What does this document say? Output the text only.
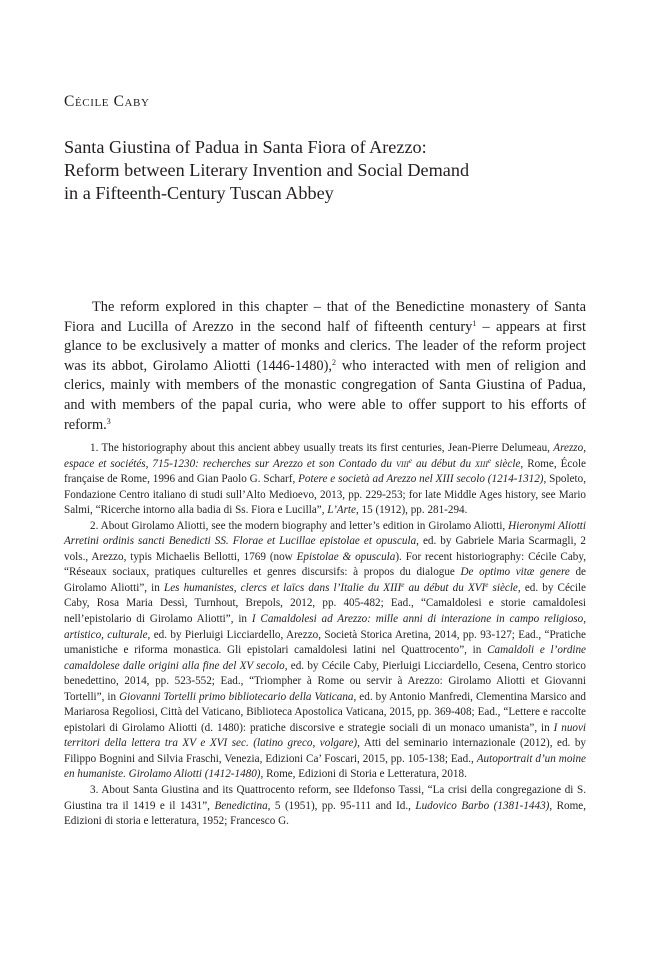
Cécile Caby
Santa Giustina of Padua in Santa Fiora of Arezzo:
Reform between Literary Invention and Social Demand
in a Fifteenth-Century Tuscan Abbey

The reform explored in this chapter – that of the Benedictine monastery of Santa Fiora and Lucilla of Arezzo in the second half of fifteenth century$^1$ – appears at first glance to be exclusively a matter of monks and clerics. The leader of the reform project was its abbot, Girolamo Aliotti (1446-1480),$^2$ who interacted with men of religion and clerics, mainly with members of the monastic congregation of Santa Giustina of Padua, and with members of the papal curia, who were able to offer support to his efforts of reform.$^3$

1. The historiography about this ancient abbey usually treats its first centuries, Jean-Pierre Delumeau, Arezzo, espace et sociétés, 715-1230: recherches sur Arezzo et son Contado du viii$^e$ au début du xiii$^e$ siècle, Rome, École française de Rome, 1996 and Gian Paolo G. Scharf, Potere e società ad Arezzo nel XIII secolo (1214-1312), Spoleto, Fondazione Centro italiano di studi sull’Alto Medioevo, 2013, pp. 229-253; for late Middle Ages history, see Mario Salmi, “Ricerche intorno alla badia di Ss. Fiora e Lucilla”, L’Arte, 15 (1912), pp. 281-294.

2. About Girolamo Aliotti, see the modern biography and letter’s edition in Girolamo Aliotti, Hieronymi Aliotti Arretini ordinis sancti Benedicti SS. Florae et Lucillae epistolae et opuscula, ed. by Gabriele Maria Scarmagli, 2 vols., Arezzo, typis Michaelis Bellotti, 1769 (now Epistolae & opuscula). For recent historiography: Cécile Caby, “Réseaux sociaux, pratiques culturelles et genres discursifs: à propos du dialogue De optimo vitæ genere de Girolamo Aliotti”, in Les humanistes, clercs et laïcs dans l’Italie du XIIIe au début du XVIe siècle, ed. by Cécile Caby, Rosa Maria Dessì, Turnhout, Brepols, 2012, pp. 405-482; Ead., “Camaldolesi e storie camaldolesi nell’epistolario di Girolamo Aliotti”, in I Camaldolesi ad Arezzo: mille anni di interazione in campo religioso, artistico, culturale, ed. by Pierluigi Licciardello, Arezzo, Società Storica Aretina, 2014, pp. 93-127; Ead., “Pratiche umanistiche e riforma monastica. Gli epistolari camaldolesi latini nel Quattrocento”, in Camaldoli e l’ordine camaldolese dalle origini alla fine del XV secolo, ed. by Cécile Caby, Pierluigi Licciardello, Cesena, Centro storico benedettino, 2014, pp. 523-552; Ead., “Triompher à Rome ou servir à Arezzo: Girolamo Aliotti et Giovanni Tortelli”, in Giovanni Tortelli primo bibliotecario della Vaticana, ed. by Antonio Manfredi, Clementina Marsico and Mariarosa Regoliosi, Città del Vaticano, Biblioteca Apostolica Vaticana, 2015, pp. 369-408; Ead., “Lettere e raccolte epistolari di Girolamo Aliotti (d. 1480): pratiche discorsive e strategie sociali di un monaco umanista”, in I nuovi territori della lettera tra XV e XVI sec. (latino greco, volgare), Atti del seminario internazionale (2012), ed. by Filippo Bognini and Silvia Fraschi, Venezia, Edizioni Ca’ Foscari, 2015, pp. 105-138; Ead., Autoportrait d’un moine en humaniste. Girolamo Aliotti (1412-1480), Rome, Edizioni di Storia e Letteratura, 2018.

3. About Santa Giustina and its Quattrocento reform, see Ildefonso Tassi, “La crisi della congregazione di S. Giustina tra il 1419 e il 1431”, Benedictina, 5 (1951), pp. 95-111 and Id., Ludovico Barbo (1381-1443), Rome, Edizioni di storia e letteratura, 1952; Francesco G.
